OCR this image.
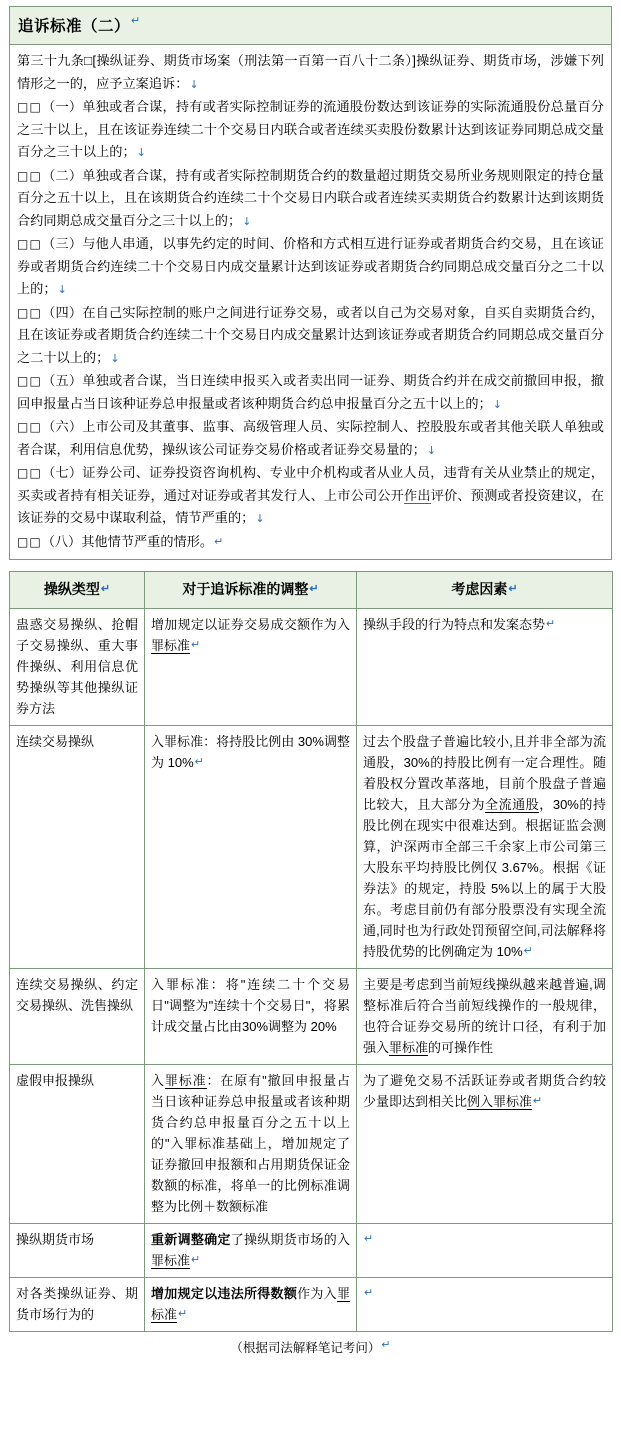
追诉标准（二）↵

第三十九条□[操纵证券、期货市场案（刑法第一百第一百八十二条）]操纵证券、期货市场，涉嫌下列情形之一的，应予立案追诉：↓

□□（一）单独或者合谋，持有或者实际控制证券的流通股份数达到该证券的实际流通股份总量百分之三十以上，且在该证券连续二十个交易日内联合或者连续买卖股份数累计达到该证券同期总成交量百分之三十以上的；↓

□□（二）单独或者合谋，持有或者实际控制期货合约的数量超过期货交易所业务规则限定的持仓量百分之五十以上，且在该期货合约连续二十个交易日内联合或者连续买卖期货合约数累计达到该期货合约同期总成交量百分之三十以上的；↓

□□（三）与他人串通，以事先约定的时间、价格和方式相互进行证券或者期货合约交易，且在该证券或者期货合约连续二十个交易日内成交量累计达到该证券或者期货合约同期总成交量百分之二十以上的；↓

□□（四）在自己实际控制的账户之间进行证券交易，或者以自己为交易对象，自买自卖期货合约，且在该证券或者期货合约连续二十个交易日内成交量累计达到该证券或者期货合约同期总成交量百分之二十以上的；↓

□□（五）单独或者合谋，当日连续申报买入或者卖出同一证券、期货合约并在成交前撤回申报，撤回申报量占当日该种证券总申报量或者该种期货合约总申报量百分之五十以上的；↓

□□（六）上市公司及其董事、监事、高级管理人员、实际控制人、控股股东或者其他关联人单独或者合谋，利用信息优势，操纵该公司证券交易价格或者证券交易量的；↓

□□（七）证券公司、证券投资咨询机构、专业中介机构或者从业人员，违背有关从业禁止的规定，买卖或者持有相关证券，通过对证券或者其发行人、上市公司公开作出评价、预测或者投资建议，在该证券的交易中谋取利益，情节严重的；↓

□□（八）其他情节严重的情形。↵

操纵类型↵	对于追诉标准的调整↵	考虑因素↵
蛊惑交易操纵、抢帽子交易操纵、重大事件操纵、利用信息优势操纵等其他操纵证券方法	增加规定以证券交易成交额作为入罪标准↵	操纵手段的行为特点和发案态势↵
连续交易操纵	入罪标准：将持股比例由 30%调整为 10%↵	过去个股盘子普遍比较小,且并非全部为流通股，30%的持股比例有一定合理性。随着股权分置改革落地，目前个股盘子普遍比较大，且大部分为全流通股，30%的持股比例在现实中很难达到。根据证监会测算，沪深两市全部三千余家上市公司第三大股东平均持股比例仅 3.67%。根据《证券法》的规定，持股 5%以上的属于大股东。考虑目前仍有部分股票没有实现全流通,同时也为行政处罚预留空间,司法解释将持股优势的比例确定为 10%↵
连续交易操纵、约定交易操纵、洗售操纵	入罪标准：将"连续二十个交易日"调整为"连续十个交易日"，将累计成交量占比由30%调整为 20%	主要是考虑到当前短线操纵越来越普遍,调整标准后符合当前短线操作的一般规律，也符合证券交易所的统计口径，有利于加强入罪标准的可操作性
虚假申报操纵	入罪标准：在原有"撤回申报量占当日该种证券总申报量或者该种期货合约总申报量百分之五十以上的"入罪标准基础上，增加规定了证券撤回申报额和占用期货保证金数额的标准，将单一的比例标准调整为比例＋数额标准	为了避免交易不活跃证券或者期货合约较少量即达到相关比例入罪标准↵
操纵期货市场	重新调整确定了操纵期货市场的入罪标准↵	↵
对各类操纵证券、期货市场行为的	增加规定以违法所得数额作为入罪标准↵	↵
（根据司法解释笔记考问）↵
